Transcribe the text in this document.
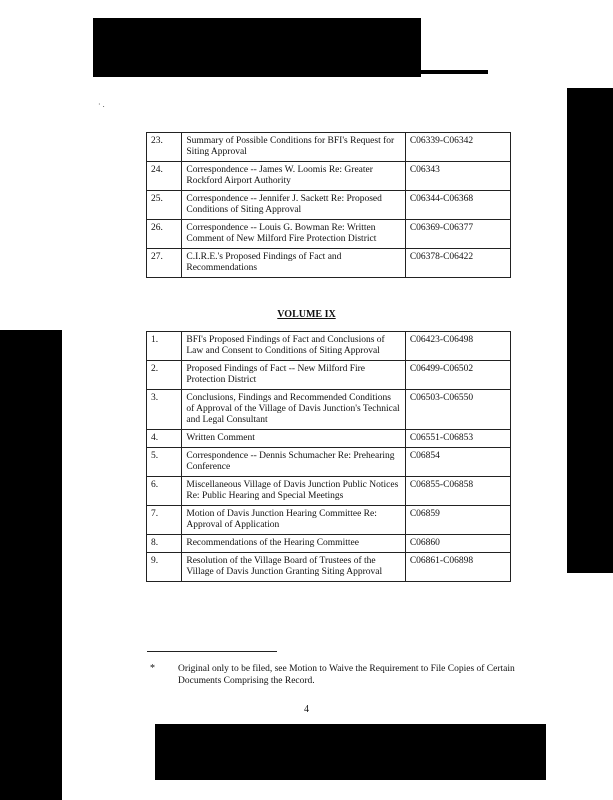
· .
23.	Summary of Possible Conditions for BFI's Request for Siting Approval	C06339-C06342
24.	Correspondence -- James W. Loomis Re: Greater Rockford Airport Authority	C06343
25.	Correspondence -- Jennifer J. Sackett Re: Proposed Conditions of Siting Approval	C06344-C06368
26.	Correspondence -- Louis G. Bowman Re: Written Comment of New Milford Fire Protection District	C06369-C06377
27.	C.I.R.E.'s Proposed Findings of Fact and Recommendations	C06378-C06422
VOLUME IX
1.	BFI's Proposed Findings of Fact and Conclusions of Law and Consent to Conditions of Siting Approval	C06423-C06498
2.	Proposed Findings of Fact -- New Milford Fire Protection District	C06499-C06502
3.	Conclusions, Findings and Recommended Conditions of Approval of the Village of Davis Junction's Technical and Legal Consultant	C06503-C06550
4.	Written Comment	C06551-C06853
5.	Correspondence -- Dennis Schumacher Re: Prehearing Conference	C06854
6.	Miscellaneous Village of Davis Junction Public Notices Re: Public Hearing and Special Meetings	C06855-C06858
7.	Motion of Davis Junction Hearing Committee Re: Approval of Application	C06859
8.	Recommendations of the Hearing Committee	C06860
9.	Resolution of the Village Board of Trustees of the Village of Davis Junction Granting Siting Approval	C06861-C06898
* Original only to be filed, see Motion to Waive the Requirement to File Copies of Certain Documents Comprising the Record.
4
